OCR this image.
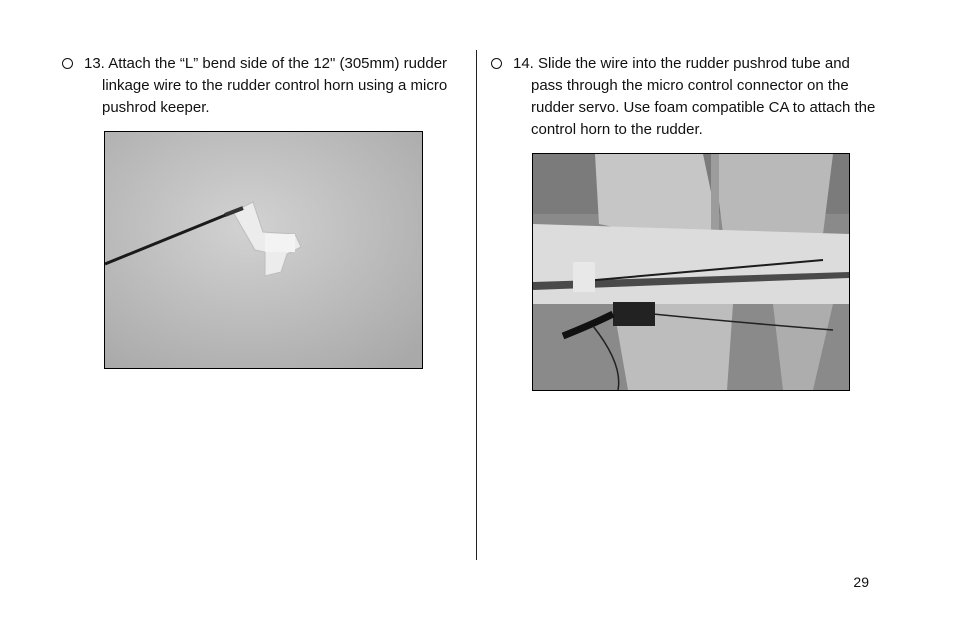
13. Attach the “L” bend side of the 12" (305mm) rudder
linkage wire to the rudder control horn using a micro
pushrod keeper.
14. Slide the wire into the rudder pushrod tube and
pass through the micro control connector on the
rudder servo. Use foam compatible CA to attach the
control horn to the rudder.
29
